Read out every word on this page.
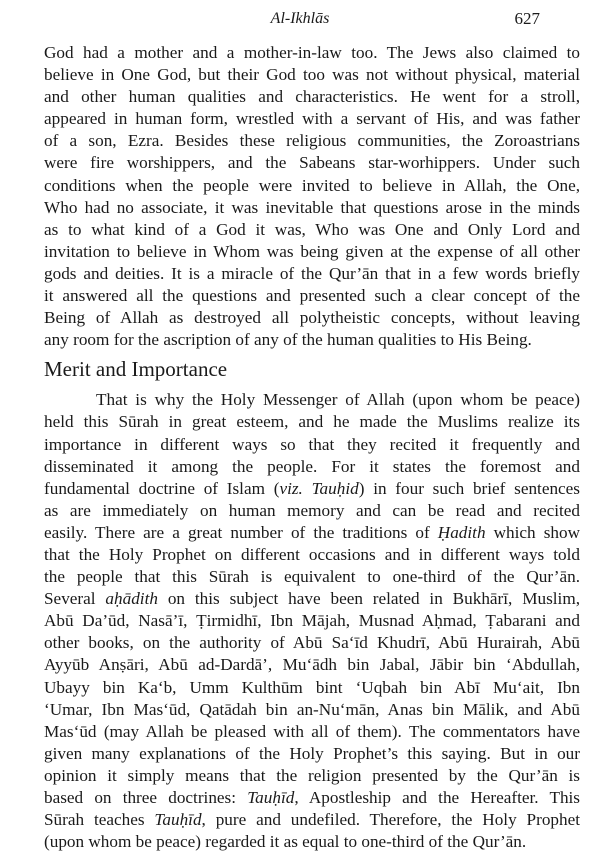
Al-Ikhlās	627

God had a mother and a mother-in-law too. The Jews also claimed to
believe in One God, but their God too was not without physical, material
and other human qualities and characteristics. He went for a stroll,
appeared in human form, wrestled with a servant of His, and was father
of a son, Ezra. Besides these religious communities, the Zoroastrians
were fire worshippers, and the Sabeans star-worhippers. Under such
conditions when the people were invited to believe in Allah, the One,
Who had no associate, it was inevitable that questions arose in the minds
as to what kind of a God it was, Who was One and Only Lord and
invitation to believe in Whom was being given at the expense of all other
gods and deities. It is a miracle of the Qur’ān that in a few words briefly
it answered all the questions and presented such a clear concept of the
Being of Allah as destroyed all polytheistic concepts, without leaving
any room for the ascription of any of the human qualities to His Being.

Merit and Importance

That is why the Holy Messenger of Allah (upon whom be peace)
held this Sūrah in great esteem, and he made the Muslims realize its
importance in different ways so that they recited it frequently and
disseminated it among the people. For it states the foremost and
fundamental doctrine of Islam (viz. Tauḥid) in four such brief sentences
as are immediately on human memory and can be read and recited
easily. There are a great number of the traditions of Ḥadith which show
that the Holy Prophet on different occasions and in different ways told
the people that this Sūrah is equivalent to one-third of the Qur’ān.
Several aḥādith on this subject have been related in Bukhārī, Muslim,
Abū Da’ūd, Nasā’ī, Ṭirmidhī, Ibn Mājah, Musnad Aḥmad, Ṭabarani and
other books, on the authority of Abū Sa‘īd Khudrī, Abū Hurairah, Abū
Ayyūb Anṣāri, Abū ad-Dardā’, Mu‘ādh bin Jabal, Jābir bin ‘Abdullah,
Ubayy bin Ka‘b, Umm Kulthūm bint ‘Uqbah bin Abī Mu‘ait, Ibn
‘Umar, Ibn Mas‘ūd, Qatādah bin an-Nu‘mān, Anas bin Mālik, and Abū
Mas‘ūd (may Allah be pleased with all of them). The commentators have
given many explanations of the Holy Prophet’s this saying. But in our
opinion it simply means that the religion presented by the Qur’ān is
based on three doctrines: Tauḥīd, Apostleship and the Hereafter. This
Sūrah teaches Tauḥīd, pure and undefiled. Therefore, the Holy Prophet
(upon whom be peace) regarded it as equal to one-third of the Qur’ān.
